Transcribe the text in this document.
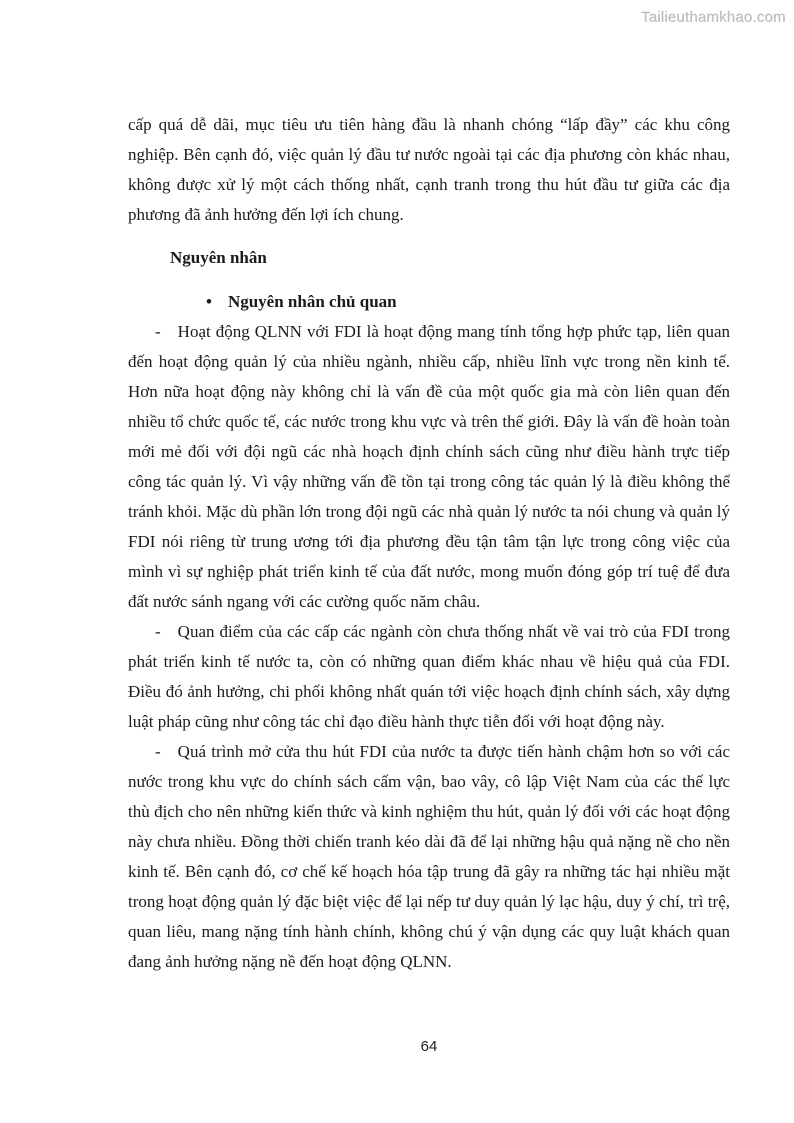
Tailieuthamkhao.com

cấp quá dễ dãi, mục tiêu ưu tiên hàng đầu là nhanh chóng “lấp đầy” các khu công nghiệp. Bên cạnh đó, việc quản lý đầu tư nước ngoài tại các địa phương còn khác nhau, không được xử lý một cách thống nhất, cạnh tranh trong thu hút đầu tư giữa các địa phương đã ảnh hưởng đến lợi ích chung.

Nguyên nhân

• Nguyên nhân chủ quan

- Hoạt động QLNN với FDI là hoạt động mang tính tổng hợp phức tạp, liên quan đến hoạt động quản lý của nhiều ngành, nhiều cấp, nhiều lĩnh vực trong nền kinh tế. Hơn nữa hoạt động này không chỉ là vấn đề của một quốc gia mà còn liên quan đến nhiều tổ chức quốc tế, các nước trong khu vực và trên thế giới. Đây là vấn đề hoàn toàn mới mẻ đối với đội ngũ các nhà hoạch định chính sách cũng như điều hành trực tiếp công tác quản lý. Vì vậy những vấn đề tồn tại trong công tác quản lý là điều không thể tránh khỏi. Mặc dù phần lớn trong đội ngũ các nhà quản lý nước ta nói chung và quản lý FDI nói riêng từ trung ương tới địa phương đều tận tâm tận lực trong công việc của mình vì sự nghiệp phát triển kinh tế của đất nước, mong muốn đóng góp trí tuệ để đưa đất nước sánh ngang với các cường quốc năm châu.

- Quan điểm của các cấp các ngành còn chưa thống nhất về vai trò của FDI trong phát triển kinh tế nước ta, còn có những quan điểm khác nhau về hiệu quả của FDI. Điều đó ảnh hưởng, chi phối không nhất quán tới việc hoạch định chính sách, xây dựng luật pháp cũng như công tác chỉ đạo điều hành thực tiễn đối với hoạt động này.

- Quá trình mở cửa thu hút FDI của nước ta được tiến hành chậm hơn so với các nước trong khu vực do chính sách cấm vận, bao vây, cô lập Việt Nam của các thế lực thù địch cho nên những kiến thức và kinh nghiệm thu hút, quản lý đối với các hoạt động này chưa nhiều. Đồng thời chiến tranh kéo dài đã để lại những hậu quả nặng nề cho nền kinh tế. Bên cạnh đó, cơ chế kế hoạch hóa tập trung đã gây ra những tác hại nhiều mặt trong hoạt động quản lý đặc biệt việc để lại nếp tư duy quản lý lạc hậu, duy ý chí, trì trệ, quan liêu, mang nặng tính hành chính, không chú ý vận dụng các quy luật khách quan đang ảnh hưởng nặng nề đến hoạt động QLNN.

64
